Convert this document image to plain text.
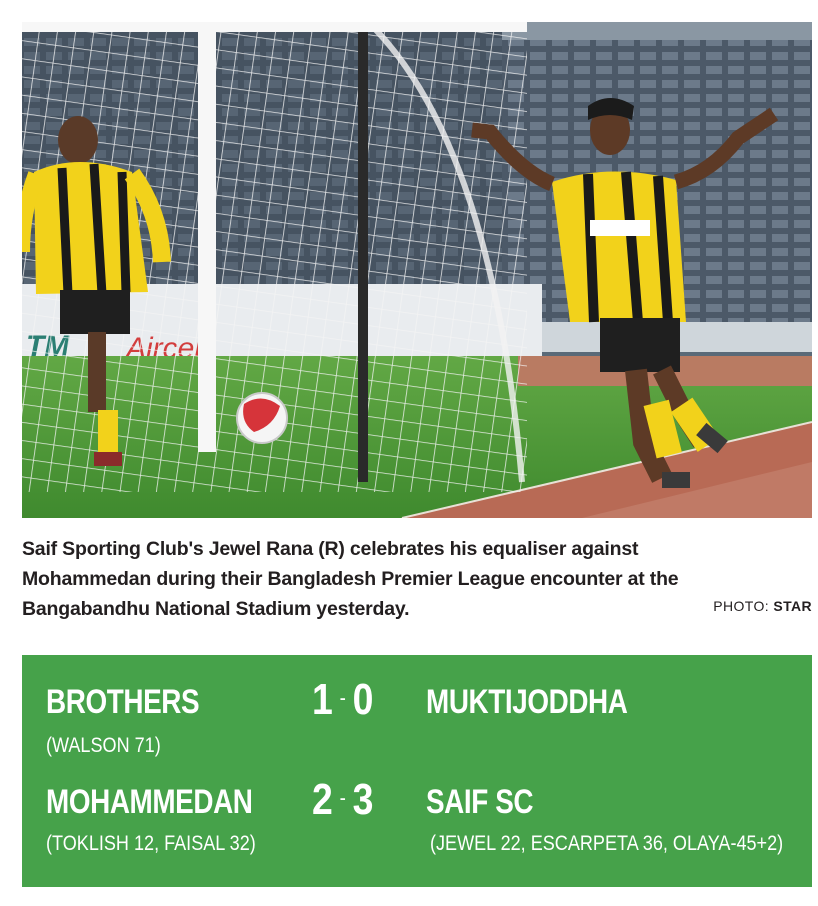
Saif Sporting Club's Jewel Rana (R) celebrates his equaliser against
Mohammedan during their Bangladesh Premier League encounter at the
Bangabandhu National Stadium yesterday.	PHOTO: STAR
BROTHERS	1 - 0 MUKTIJODDHA
(WALSON 71)
MOHAMMEDAN 2 - 3 SAIF SC
(TOKLISH 12, FAISAL 32)	(JEWEL 22, ESCARPETA 36, OLAYA-45+2)
